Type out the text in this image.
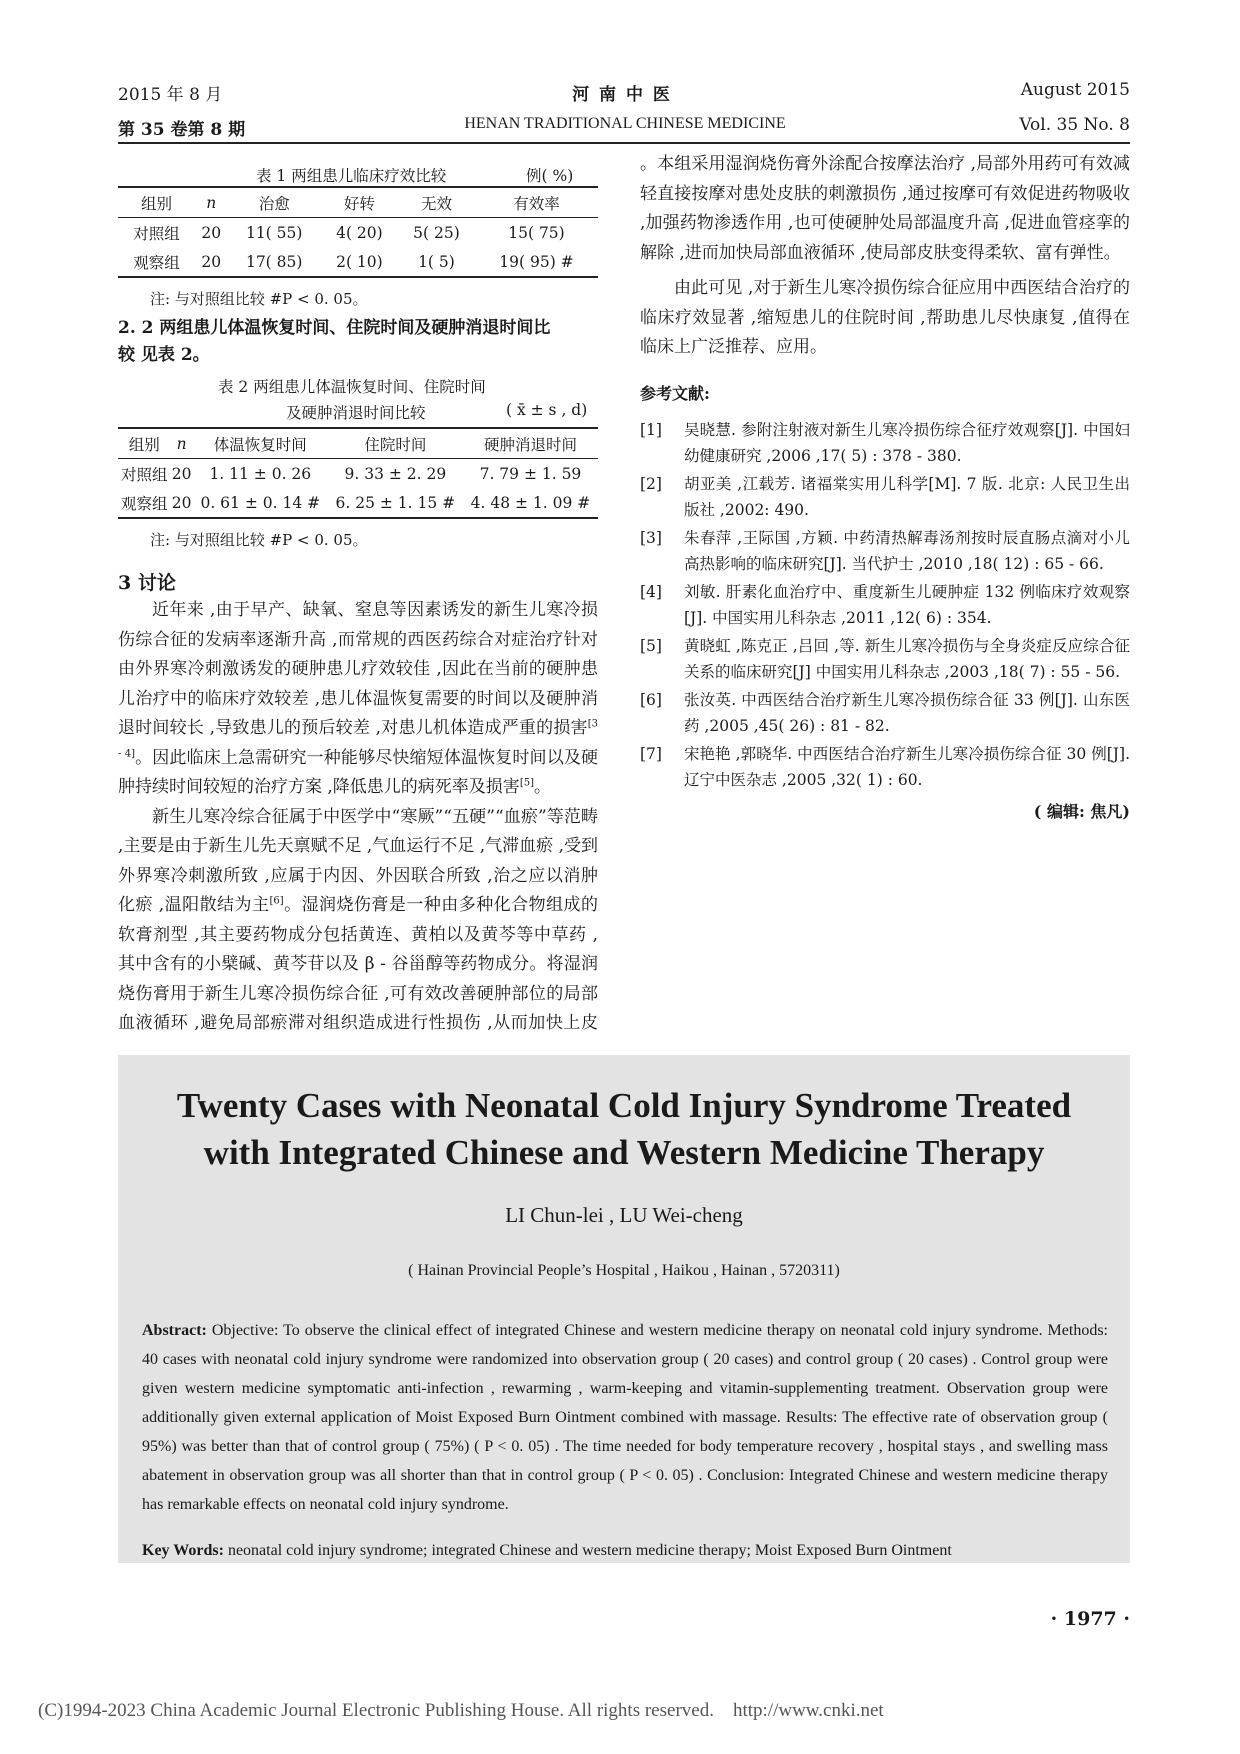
2015 年 8 月	河 南 中 医	August 2015
第 35 卷第 8 期	HENAN TRADITIONAL CHINESE MEDICINE	Vol. 35 No. 8
表 1 两组患儿临床疗效比较	例( %)
组别	n	治愈	好转	无效	有效率
对照组	20	11( 55)	4( 20)	5( 25)	15( 75)
观察组	20	17( 85)	2( 10)	1( 5)	19( 95) #
注: 与对照组比较 #P < 0. 05。
2. 2 两组患儿体温恢复时间、住院时间及硬肿消退时间比
较 见表 2。
表 2 两组患儿体温恢复时间、住院时间
及硬肿消退时间比较	( x̄ ± s , d)
组别	n	体温恢复时间	住院时间	硬肿消退时间
对照组	20	1. 11 ± 0. 26	9. 33 ± 2. 29	7. 79 ± 1. 59
观察组	20	0. 61 ± 0. 14 #	6. 25 ± 1. 15 #	4. 48 ± 1. 09 #
注: 与对照组比较 #P < 0. 05。
3 讨论

近年来 ,由于早产、缺氧、窒息等因素诱发的新生儿寒冷损伤综合征的发病率逐渐升高 ,而常规的西医药综合对症治疗针对由外界寒冷刺激诱发的硬肿患儿疗效较佳 ,因此在当前的硬肿患儿治疗中的临床疗效较差 ,患儿体温恢复需要的时间以及硬肿消退时间较长 ,导致患儿的预后较差 ,对患儿机体造成严重的损害[3 - 4]。因此临床上急需研究一种能够尽快缩短体温恢复时间以及硬肿持续时间较短的治疗方案 ,降低患儿的病死率及损害[5]。

新生儿寒冷综合征属于中医学中“寒厥”“五硬”“血瘀”等范畴 ,主要是由于新生儿先天禀赋不足 ,气血运行不足 ,气滞血瘀 ,受到外界寒冷刺激所致 ,应属于内因、外因联合所致 ,治之应以消肿化瘀 ,温阳散结为主[6]。湿润烧伤膏是一种由多种化合物组成的软膏剂型 ,其主要药物成分包括黄连、黄柏以及黄芩等中草药 ,其中含有的小檗碱、黄芩苷以及 β - 谷甾醇等药物成分。将湿润烧伤膏用于新生儿寒冷损伤综合征 ,可有效改善硬肿部位的局部血液循环 ,避免局部瘀滞对组织造成进行性损伤 ,从而加快上皮

。本组采用湿润烧伤膏外涂配合按摩法治疗 ,局部外用药可有效减轻直接按摩对患处皮肤的刺激损伤 ,通过按摩可有效促进药物吸收 ,加强药物渗透作用 ,也可使硬肿处局部温度升高 ,促进血管痉挛的解除 ,进而加快局部血液循环 ,使局部皮肤变得柔软、富有弹性。

由此可见 ,对于新生儿寒冷损伤综合征应用中西医结合治疗的临床疗效显著 ,缩短患儿的住院时间 ,帮助患儿尽快康复 ,值得在临床上广泛推荐、应用。

参考文献:
[1]	吴晓慧. 参附注射液对新生儿寒冷损伤综合征疗效观察[J]. 中国妇幼健康研究 ,2006 ,17( 5) : 378 - 380.
[2]	胡亚美 ,江载芳. 诸福棠实用儿科学[M]. 7 版. 北京: 人民卫生出版社 ,2002: 490.
[3]	朱春萍 ,王际国 ,方颖. 中药清热解毒汤剂按时辰直肠点滴对小儿高热影响的临床研究[J]. 当代护士 ,2010 ,18( 12) : 65 - 66.
[4]	刘敏. 肝素化血治疗中、重度新生儿硬肿症 132 例临床疗效观察[J]. 中国实用儿科杂志 ,2011 ,12( 6) : 354.
[5]	黄晓虹 ,陈克正 ,吕回 ,等. 新生儿寒冷损伤与全身炎症反应综合征关系的临床研究[J] 中国实用儿科杂志 ,2003 ,18( 7) : 55 - 56.
[6]	张汝英. 中西医结合治疗新生儿寒冷损伤综合征 33 例[J]. 山东医药 ,2005 ,45( 26) : 81 - 82.
[7]	宋艳艳 ,郭晓华. 中西医结合治疗新生儿寒冷损伤综合征 30 例[J]. 辽宁中医杂志 ,2005 ,32( 1) : 60.
( 编辑: 焦凡)
Twenty Cases with Neonatal Cold Injury Syndrome Treated
with Integrated Chinese and Western Medicine Therapy
LI Chun-lei , LU Wei-cheng
( Hainan Provincial People’s Hospital , Haikou , Hainan , 5720311)
Abstract: Objective: To observe the clinical effect of integrated Chinese and western medicine therapy on neonatal cold injury syndrome. Methods: 40 cases with neonatal cold injury syndrome were randomized into observation group ( 20 cases) and control group ( 20 cases) . Control group were given western medicine symptomatic anti-infection , rewarming , warm-keeping and vitamin-supplementing treatment. Observation group were additionally given external application of Moist Exposed Burn Ointment combined with massage. Results: The effective rate of observation group ( 95%) was better than that of control group ( 75%) ( P < 0. 05) . The time needed for body temperature recovery , hospital stays , and swelling mass abatement in observation group was all shorter than that in control group ( P < 0. 05) . Conclusion: Integrated Chinese and western medicine therapy has remarkable effects on neonatal cold injury syndrome.
Key Words: neonatal cold injury syndrome; integrated Chinese and western medicine therapy; Moist Exposed Burn Ointment
· 1977 ·
(C)1994-2023 China Academic Journal Electronic Publishing House. All rights reserved.    http://www.cnki.net
